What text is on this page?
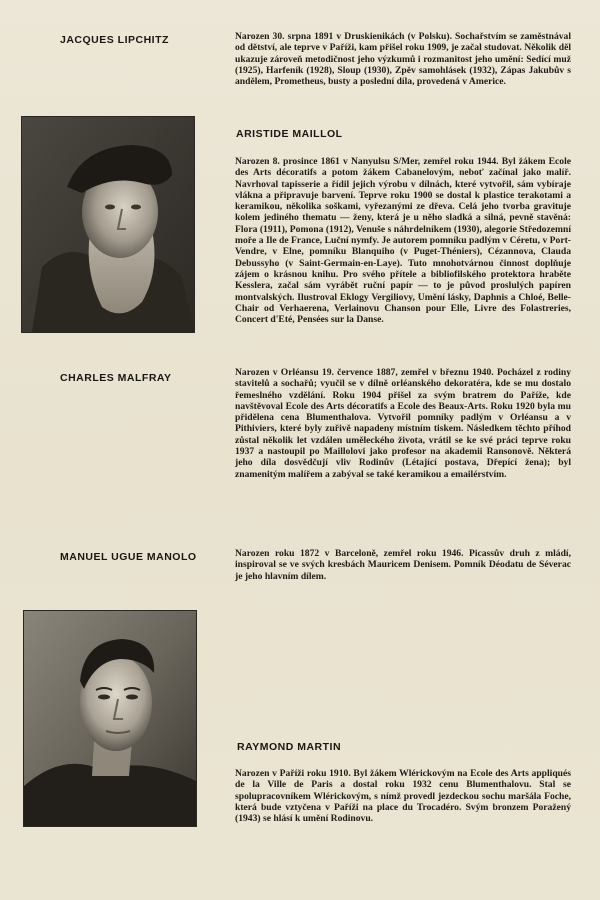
JACQUES LIPCHITZ	Narozen 30. srpna 1891 v Druskienikách (v Polsku). Sochařstvím se zaměstnával od dětství, ale teprve v Paříži, kam přišel roku 1909, je začal studovat. Několik děl ukazuje zároveň metodičnost jeho výzkumů i rozmanitost jeho umění: Sedící muž (1925), Harfeník (1928), Sloup (1930), Zpěv samohlásek (1932), Zápas Jakubův s andělem, Prometheus, busty a poslední díla, provedená v Americe.

ARISTIDE MAILLOL

Narozen 8. prosince 1861 v Nanyulsu S/Mer, zemřel roku 1944. Byl žákem Ecole des Arts décoratifs a potom žákem Cabanelovým, neboť začínal jako malíř. Navrhoval tapisserie a řídil jejich výrobu v dílnách, které vytvořil, sám vybíraje vlákna a připravuje barvení. Teprve roku 1900 se dostal k plastice terakotami a keramikou, několika soškami, vyřezanými ze dřeva. Celá jeho tvorba gravituje kolem jediného thematu — ženy, která je u něho sladká a silná, pevně stavěná: Flora (1911), Pomona (1912), Venuše s náhrdelníkem (1930), alegorie Středozemní moře a Ile de France, Luční nymfy. Je autorem pomníku padlým v Céretu, v Port-Vendre, v Elne, pomníku Blanquiho (v Puget-Théniers), Cézannova, Clauda Debussyho (v Saint-Germain-en-Laye). Tuto mnohotvárnou činnost doplňuje zájem o krásnou knihu. Pro svého přítele a bibliofilského protektora hraběte Kesslera, začal sám vyrábět ruční papír — to je původ proslulých papíren montvalských. Ilustroval Eklogy Vergiliovy, Umění lásky, Daphnis a Chloé, Belle-Chair od Verhaerena, Verlainovu Chanson pour Elle, Livre des Folastreries, Concert d'Eté, Pensées sur la Danse.

CHARLES MALFRAY	Narozen v Orléansu 19. července 1887, zemřel v březnu 1940. Pocházel z rodiny stavitelů a sochařů; vyučil se v dílně orléanského dekoratéra, kde se mu dostalo řemeslného vzdělání. Roku 1904 přišel za svým bratrem do Paříže, kde navštěvoval Ecole des Arts décoratifs a Ecole des Beaux-Arts. Roku 1920 byla mu přidělena cena Blumenthalova. Vytvořil pomníky padlým v Orléansu a v Pithiviers, které byly zuřivě napadeny místním tiskem. Následkem těchto příhod zůstal několik let vzdálen uměleckého života, vrátil se ke své práci teprve roku 1937 a nastoupil po Maillolovi jako profesor na akademii Ransonově. Některá jeho díla dosvědčují vliv Rodinův (Létající postava, Dřepící žena); byl znamenitým malířem a zabýval se také keramikou a emailérstvím.

MANUEL UGUE MANOLO	Narozen roku 1872 v Barceloně, zemřel roku 1946. Picassův druh z mládí, inspiroval se ve svých kresbách Mauricem Denisem. Pomník Déodatu de Séverac je jeho hlavním dílem.

RAYMOND MARTIN

Narozen v Paříži roku 1910. Byl žákem Wlérickovým na Ecole des Arts appliqués de la Ville de Paris a dostal roku 1932 cenu Blumenthalovu. Stal se spolupracovníkem Wlérickovým, s nímž provedl jezdeckou sochu maršála Foche, která bude vztyčena v Paříži na place du Trocadéro. Svým bronzem Poražený (1943) se hlásí k umění Rodinovu.
